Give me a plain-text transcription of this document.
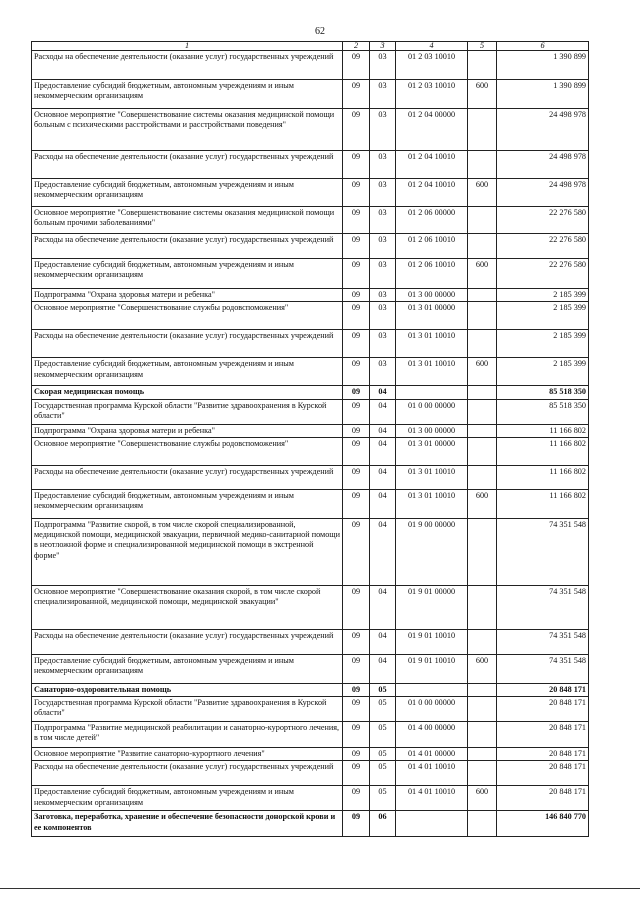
62
1	2	3	4	5	6
Расходы на обеспечение деятельности (оказание услуг) государственных учреждений	09	03	01 2 03 10010		1 390 899
Предоставление субсидий бюджетным, автономным учреждениям и иным некоммерческим организациям	09	03	01 2 03 10010	600	1 390 899
Основное мероприятие "Совершенствование системы оказания медицинской помощи больным с психическими расстройствами и расстройствами поведения"	09	03	01 2 04 00000		24 498 978
Расходы на обеспечение деятельности (оказание услуг) государственных учреждений	09	03	01 2 04 10010		24 498 978
Предоставление субсидий бюджетным, автономным учреждениям и иным некоммерческим организациям	09	03	01 2 04 10010	600	24 498 978
Основное мероприятие "Совершенствование системы оказания медицинской помощи больным прочими заболеваниями"	09	03	01 2 06 00000		22 276 580
Расходы на обеспечение деятельности (оказание услуг) государственных учреждений	09	03	01 2 06 10010		22 276 580
Предоставление субсидий бюджетным, автономным учреждениям и иным некоммерческим организациям	09	03	01 2 06 10010	600	22 276 580
Подпрограмма "Охрана здоровья матери и ребенка"	09	03	01 3 00 00000		2 185 399
Основное мероприятие "Совершенствование службы родовспоможения"	09	03	01 3 01 00000		2 185 399
Расходы на обеспечение деятельности (оказание услуг) государственных учреждений	09	03	01 3 01 10010		2 185 399
Предоставление субсидий бюджетным, автономным учреждениям и иным некоммерческим организациям	09	03	01 3 01 10010	600	2 185 399
Скорая медицинская помощь	09	04			85 518 350
Государственная программа Курской области "Развитие здравоохранения в Курской области"	09	04	01 0 00 00000		85 518 350
Подпрограмма "Охрана здоровья матери и ребенка"	09	04	01 3 00 00000		11 166 802
Основное мероприятие "Совершенствование службы родовспоможения"	09	04	01 3 01 00000		11 166 802
Расходы на обеспечение деятельности (оказание услуг) государственных учреждений	09	04	01 3 01 10010		11 166 802
Предоставление субсидий бюджетным, автономным учреждениям и иным некоммерческим организациям	09	04	01 3 01 10010	600	11 166 802
Подпрограмма "Развитие скорой, в том числе скорой специализированной, медицинской помощи, медицинской эвакуации, первичной медико-санитарной помощи в неотложной форме и специализированной медицинской помощи в экстренной форме"	09	04	01 9 00 00000		74 351 548
Основное мероприятие "Совершенствование оказания скорой, в том числе скорой специализированной, медицинской помощи, медицинской эвакуации"	09	04	01 9 01 00000		74 351 548
Расходы на обеспечение деятельности (оказание услуг) государственных учреждений	09	04	01 9 01 10010		74 351 548
Предоставление субсидий бюджетным, автономным учреждениям и иным некоммерческим организациям	09	04	01 9 01 10010	600	74 351 548
Санаторно-оздоровительная помощь	09	05			20 848 171
Государственная программа Курской области "Развитие здравоохранения в Курской области"	09	05	01 0 00 00000		20 848 171
Подпрограмма "Развитие медицинской реабилитации и санаторно-курортного лечения, в том числе детей"	09	05	01 4 00 00000		20 848 171
Основное мероприятие "Развитие санаторно-курортного лечения"	09	05	01 4 01 00000		20 848 171
Расходы на обеспечение деятельности (оказание услуг) государственных учреждений	09	05	01 4 01 10010		20 848 171
Предоставление субсидий бюджетным, автономным учреждениям и иным некоммерческим организациям	09	05	01 4 01 10010	600	20 848 171
Заготовка, переработка, хранение и обеспечение безопасности донорской крови и ее компонентов	09	06			146 840 770
